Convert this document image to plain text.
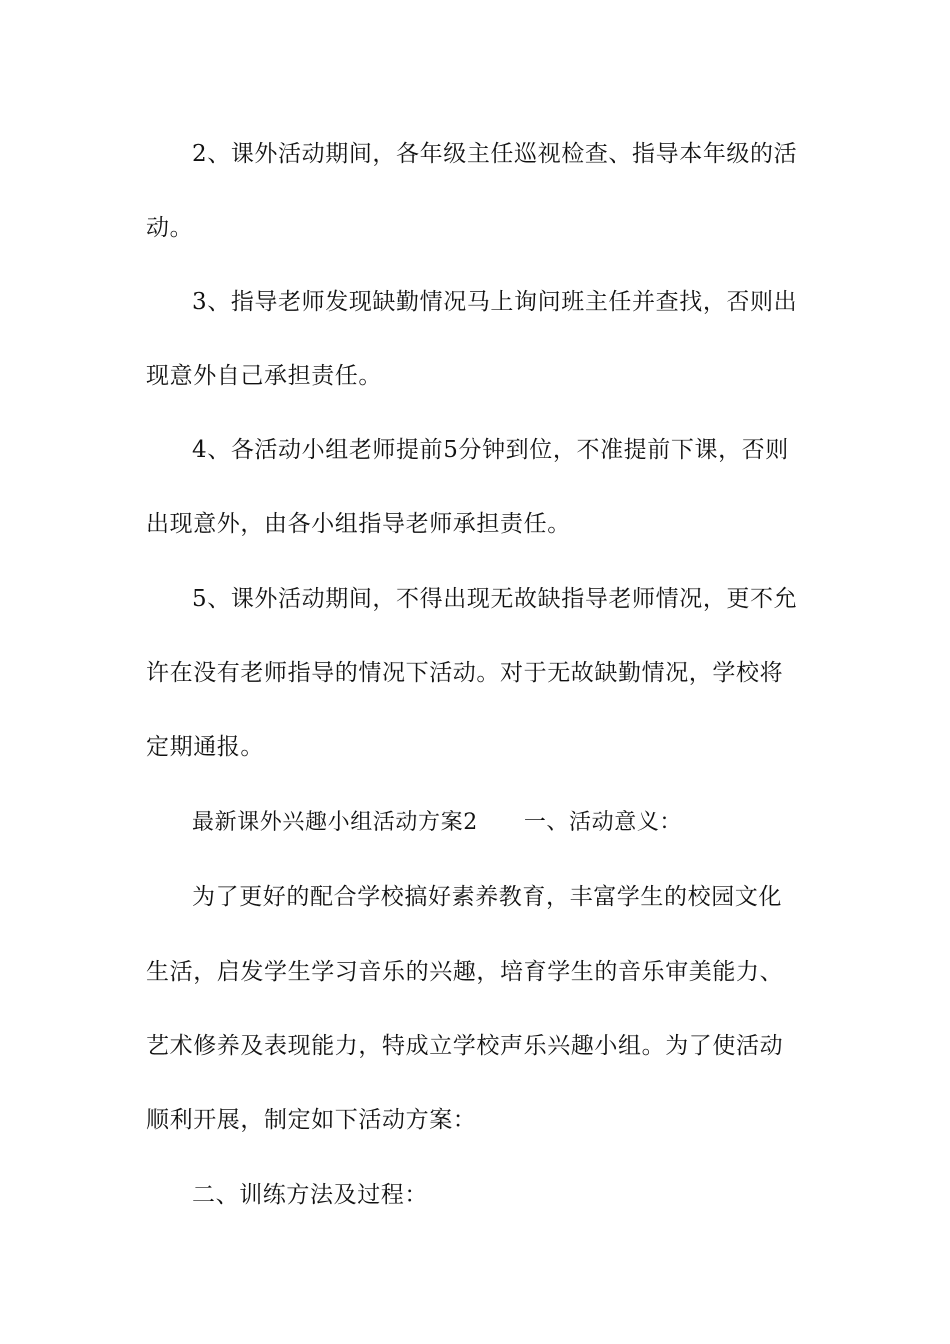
2、课外活动期间，各年级主任巡视检查、指导本年级的活
动。
3、指导老师发现缺勤情况马上询问班主任并查找，否则出
现意外自己承担责任。
4、各活动小组老师提前5分钟到位，不准提前下课，否则
出现意外，由各小组指导老师承担责任。
5、课外活动期间，不得出现无故缺指导老师情况，更不允
许在没有老师指导的情况下活动。对于无故缺勤情况，学校将
定期通报。
最新课外兴趣小组活动方案2 一、活动意义：
为了更好的配合学校搞好素养教育，丰富学生的校园文化
生活，启发学生学习音乐的兴趣，培育学生的音乐审美能力、
艺术修养及表现能力，特成立学校声乐兴趣小组。为了使活动
顺利开展，制定如下活动方案：
二、训练方法及过程：
